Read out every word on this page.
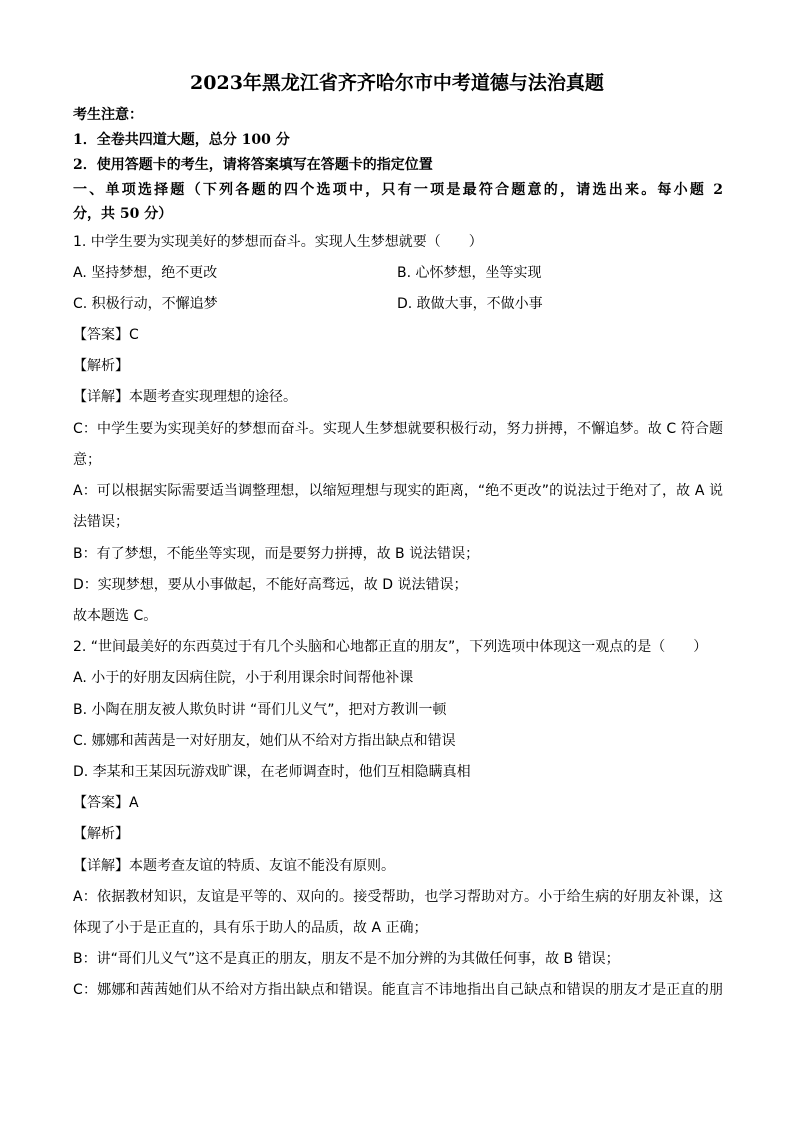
2023年黑龙江省齐齐哈尔市中考道德与法治真题
考生注意：
1．全卷共四道大题，总分 100 分
2．使用答题卡的考生，请将答案填写在答题卡的指定位置
一、单项选择题（下列各题的四个选项中，只有一项是最符合题意的，请选出来。每小题 2
分，共 50 分）
1. 中学生要为实现美好的梦想而奋斗。实现人生梦想就要（　　）
A. 坚持梦想，绝不更改	B. 心怀梦想，坐等实现
C. 积极行动，不懈追梦	D. 敢做大事，不做小事
【答案】C
【解析】
【详解】本题考查实现理想的途径。
C：中学生要为实现美好的梦想而奋斗。实现人生梦想就要积极行动，努力拼搏，不懈追梦。故 C 符合题
意；
A：可以根据实际需要适当调整理想，以缩短理想与现实的距离，“绝不更改”的说法过于绝对了，故 A 说
法错误；
B：有了梦想，不能坐等实现，而是要努力拼搏，故 B 说法错误；
D：实现梦想，要从小事做起，不能好高骛远，故 D 说法错误；
故本题选 C。
2. “世间最美好的东西莫过于有几个头脑和心地都正直的朋友”，下列选项中体现这一观点的是（　　）
A. 小于的好朋友因病住院，小于利用课余时间帮他补课
B. 小陶在朋友被人欺负时讲 “哥们儿义气”，把对方教训一顿
C. 娜娜和茜茜是一对好朋友，她们从不给对方指出缺点和错误
D. 李某和王某因玩游戏旷课，在老师调查时，他们互相隐瞒真相
【答案】A
【解析】
【详解】本题考查友谊的特质、友谊不能没有原则。
A：依据教材知识，友谊是平等的、双向的。接受帮助，也学习帮助对方。小于给生病的好朋友补课，这
体现了小于是正直的，具有乐于助人的品质，故 A 正确；
B：讲“哥们儿义气”这不是真正的朋友，朋友不是不加分辨的为其做任何事，故 B 错误；
C：娜娜和茜茜她们从不给对方指出缺点和错误。能直言不讳地指出自己缺点和错误的朋友才是正直的朋
